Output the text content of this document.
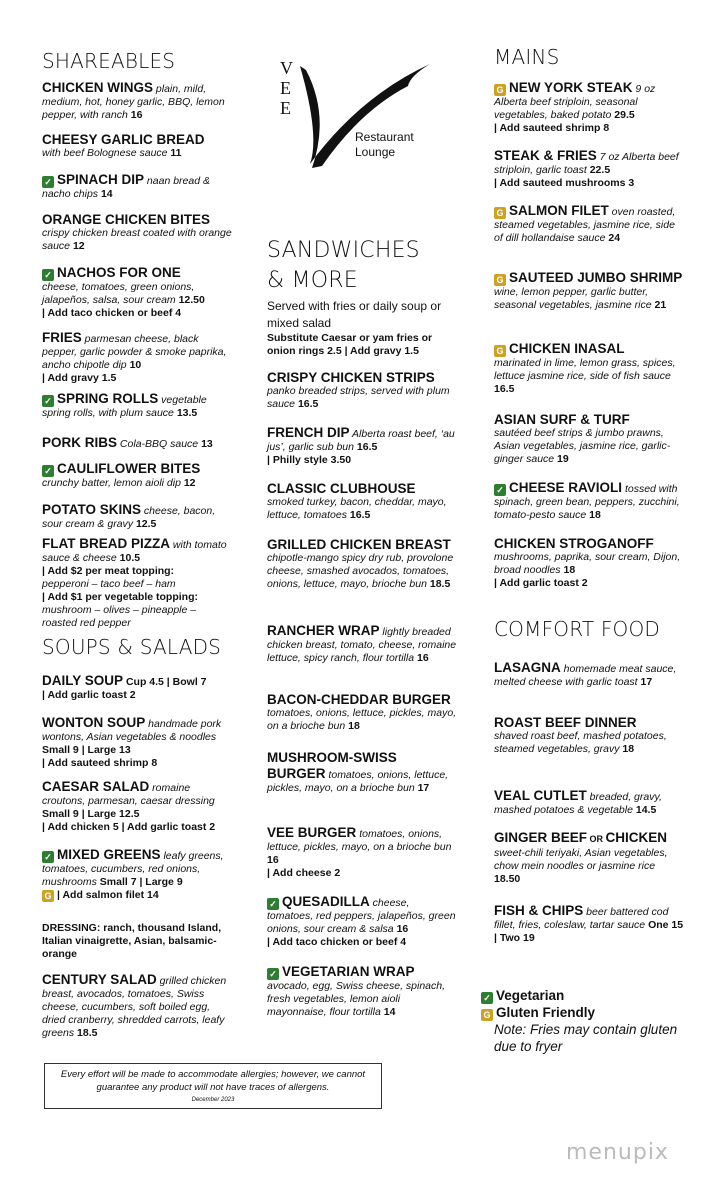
SHAREABLES
CHICKEN WINGS plain, mild, medium, hot, honey garlic, BBQ, lemon pepper, with ranch 16
CHEESY GARLIC BREAD
with beef Bolognese sauce 11
✓ SPINACH DIP naan bread & nacho chips 14
ORANGE CHICKEN BITES
crispy chicken breast coated with orange sauce 12
✓ NACHOS FOR ONE
cheese, tomatoes, green onions, jalapeños, salsa, sour cream 12.50
| Add taco chicken or beef 4
FRIES parmesan cheese, black pepper, garlic powder & smoke paprika, ancho chipotle dip 10
| Add gravy 1.5
✓ SPRING ROLLS vegetable spring rolls, with plum sauce 13.5
PORK RIBS Cola-BBQ sauce 13
✓ CAULIFLOWER BITES
crunchy batter, lemon aioli dip 12
POTATO SKINS cheese, bacon, sour cream & gravy 12.5
FLAT BREAD PIZZA with tomato sauce & cheese 10.5
| Add $2 per meat topping:
pepperoni – taco beef – ham
| Add $1 per vegetable topping:
mushroom – olives – pineapple – roasted red pepper
SOUPS & SALADS
DAILY SOUP Cup 4.5 | Bowl 7
| Add garlic toast 2
WONTON SOUP handmade pork wontons, Asian vegetables & noodles Small 9 | Large 13
| Add sauteed shrimp 8
CAESAR SALAD romaine croutons, parmesan, caesar dressing Small 9 | Large 12.5
| Add chicken 5 | Add garlic toast 2
✓ MIXED GREENS leafy greens, tomatoes, cucumbers, red onions, mushrooms Small 7 | Large 9
G | Add salmon filet 14
DRESSING: ranch, thousand Island, Italian vinaigrette, Asian, balsamic-orange
CENTURY SALAD grilled chicken breast, avocados, tomatoes, Swiss cheese, cucumbers, soft boiled egg, dried cranberry, shredded carrots, leafy greens 18.5
V
E
E
Restaurant
Lounge
SANDWICHES
& MORE
Served with fries or daily soup or mixed salad
Substitute Caesar or yam fries or onion rings 2.5 | Add gravy 1.5
CRISPY CHICKEN STRIPS
panko breaded strips, served with plum sauce 16.5
FRENCH DIP Alberta roast beef, ‘au jus’, garlic sub bun 16.5
| Philly style 3.50
CLASSIC CLUBHOUSE
smoked turkey, bacon, cheddar, mayo, lettuce, tomatoes 16.5
GRILLED CHICKEN BREAST
chipotle-mango spicy dry rub, provolone cheese, smashed avocados, tomatoes, onions, lettuce, mayo, brioche bun 18.5
RANCHER WRAP lightly breaded chicken breast, tomato, cheese, romaine lettuce, spicy ranch, flour tortilla 16
BACON-CHEDDAR BURGER
tomatoes, onions, lettuce, pickles, mayo, on a brioche bun 18
MUSHROOM-SWISS BURGER tomatoes, onions, lettuce, pickles, mayo, on a brioche bun 17
VEE BURGER tomatoes, onions, lettuce, pickles, mayo, on a brioche bun 16
| Add cheese 2
✓ QUESADILLA cheese, tomatoes, red peppers, jalapeños, green onions, sour cream & salsa 16
| Add taco chicken or beef 4
✓ VEGETARIAN WRAP
avocado, egg, Swiss cheese, spinach, fresh vegetables, lemon aioli mayonnaise, flour tortilla 14
MAINS
G NEW YORK STEAK 9 oz Alberta beef striploin, seasonal vegetables, baked potato 29.5
| Add sauteed shrimp 8
STEAK & FRIES 7 oz Alberta beef striploin, garlic toast 22.5
| Add sauteed mushrooms 3
G SALMON FILET oven roasted, steamed vegetables, jasmine rice, side of dill hollandaise sauce 24
G SAUTEED JUMBO SHRIMP wine, lemon pepper, garlic butter, seasonal vegetables, jasmine rice 21
G CHICKEN INASAL
marinated in lime, lemon grass, spices, lettuce jasmine rice, side of fish sauce 16.5
ASIAN SURF & TURF
sautéed beef strips & jumbo prawns, Asian vegetables, jasmine rice, garlic-ginger sauce 19
✓ CHEESE RAVIOLI tossed with spinach, green bean, peppers, zucchini, tomato-pesto sauce 18
CHICKEN STROGANOFF
mushrooms, paprika, sour cream, Dijon, broad noodles 18
| Add garlic toast 2
COMFORT FOOD
LASAGNA homemade meat sauce, melted cheese with garlic toast 17
ROAST BEEF DINNER
shaved roast beef, mashed potatoes, steamed vegetables, gravy 18
VEAL CUTLET breaded, gravy, mashed potatoes & vegetable 14.5
GINGER BEEF OR CHICKEN
sweet-chili teriyaki, Asian vegetables, chow mein noodles or jasmine rice 18.50
FISH & CHIPS beer battered cod fillet, fries, coleslaw, tartar sauce One 15 | Two 19
✓ Vegetarian
G Gluten Friendly
Note: Fries may contain gluten due to fryer
Every effort will be made to accommodate allergies; however, we cannot guarantee any product will not have traces of allergens.
December 2023
menupix
